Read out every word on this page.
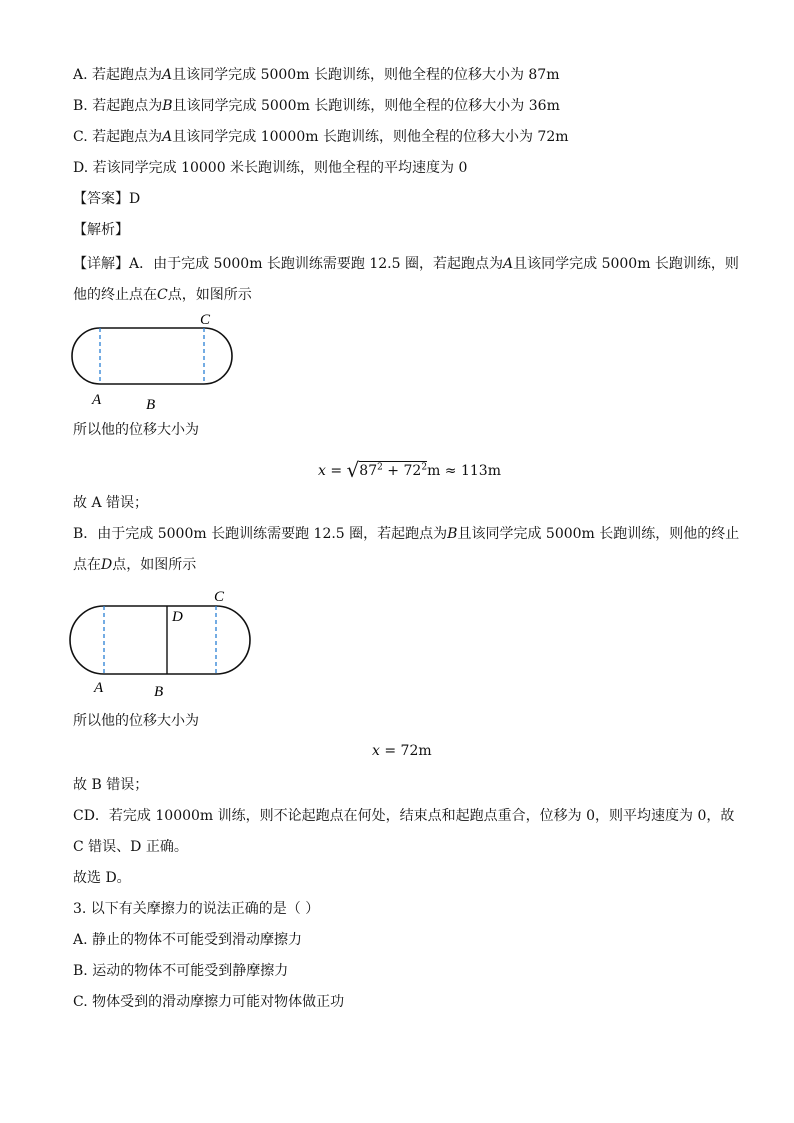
A. 若起跑点为A且该同学完成 5000m 长跑训练，则他全程的位移大小为 87m
B. 若起跑点为B且该同学完成 5000m 长跑训练，则他全程的位移大小为 36m
C. 若起跑点为A且该同学完成 10000m 长跑训练，则他全程的位移大小为 72m
D. 若该同学完成 10000 米长跑训练，则他全程的平均速度为 0
【答案】D
【解析】
【详解】A．由于完成 5000m 长跑训练需要跑 12.5 圈，若起跑点为A且该同学完成 5000m 长跑训练，则
他的终止点在C点，如图所示
C
A	B
所以他的位移大小为
$x = √87^2 + 72^2m \approx 113m$
故 A 错误；
B．由于完成 5000m 长跑训练需要跑 12.5 圈，若起跑点为B且该同学完成 5000m 长跑训练，则他的终止
点在D点，如图所示
C
D
A	B
所以他的位移大小为
x = 72m
故 B 错误；
CD．若完成 10000m 训练，则不论起跑点在何处，结束点和起跑点重合，位移为 0，则平均速度为 0，故
C 错误、D 正确。
故选 D。
3. 以下有关摩擦力的说法正确的是（ ）
A. 静止的物体不可能受到滑动摩擦力
B. 运动的物体不可能受到静摩擦力
C. 物体受到的滑动摩擦力可能对物体做正功
